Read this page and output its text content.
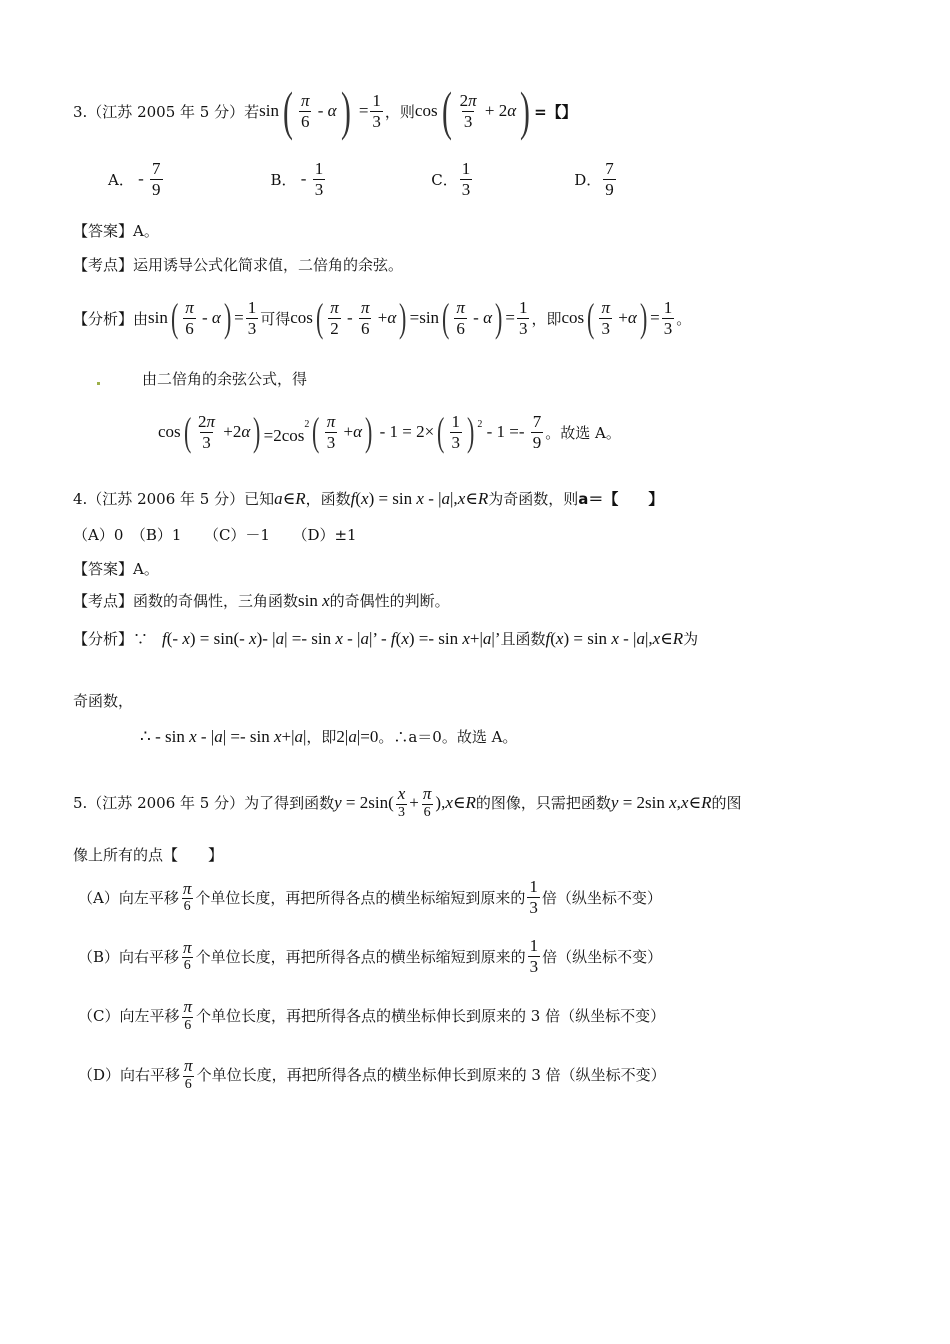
3.（江苏 2005 年 5 分）若 sin ( $\frac{\pi}{6}$ - α ) = $\frac{1}{3}$ ，则 cos ( $\frac{2\pi}{3} + 2$ α ) =【】
A． - $\frac{7}{9}$	B． - $\frac{1}{3}$	C． $\frac{1}{3}$	D． $\frac{7}{9}$
【答案】A。
【考点】运用诱导公式化简求值，二倍角的余弦。
【分析】由 sin ( $\frac{\pi}{6}$ - α ) = $\frac{1}{3}$ 可得 cos ( $\frac{\pi}{2} - \frac{\pi}{6} + \alpha$ ) =sin ( $\frac{\pi}{6}$ - α ) = $\frac{1}{3}$ ，即 cos ( $\frac{\pi}{3} + \alpha$ ) = $\frac{1}{3}$ 。
由二倍角的余弦公式，得
cos ( $\frac{2\pi}{3} +2$ α ) $=2\cos^2$ ( $\frac{\pi}{3} + \alpha$ ) - 1 = 2× ( $\frac{1}{3}$ ) $^2 - 1 =- \frac{7}{9}$ 。故选 A。
4.（江苏 2006 年 5 分）已知 a ∈ R ，函数 f ( x ) = sin x - | a |, x ∈ R 为奇函数，则 a＝【　　】
（A）0　（B）1　　（C）－1　　（D）±1
【答案】A。
【考点】函数的奇偶性，三角函数 sin x 的奇偶性的判断。
【分析】∵ f (- x ) = sin(- x )- | a | =- sin x - | a |’ - f ( x ) =- sin x +| a |’ 且函数 f ( x ) = sin x - | a |, x ∈ R 为
奇函数，
∴ - sin x - | a | =- sin x +| a | ，即 2| a |=0 。∴a＝0。故选 A。
5.（江苏 2006 年 5 分）为了得到函数 $y = 2\sin( \frac{x}{3} + \frac{\pi}{6}$ ), x ∈ R 的图像，只需把函数 y = 2sin x , x ∈ R 的图
像上所有的点【　　】
（A）向左平移 $\frac{\pi}{6}$ 个单位长度，再把所得各点的横坐标缩短到原来的 $\frac{1}{3}$ 倍（纵坐标不变）
（B）向右平移 $\frac{\pi}{6}$ 个单位长度，再把所得各点的横坐标缩短到原来的 $\frac{1}{3}$ 倍（纵坐标不变）
（C）向左平移 $\frac{\pi}{6}$ 个单位长度，再把所得各点的横坐标伸长到原来的 3 倍（纵坐标不变）
（D）向右平移 $\frac{\pi}{6}$ 个单位长度，再把所得各点的横坐标伸长到原来的 3 倍（纵坐标不变）
